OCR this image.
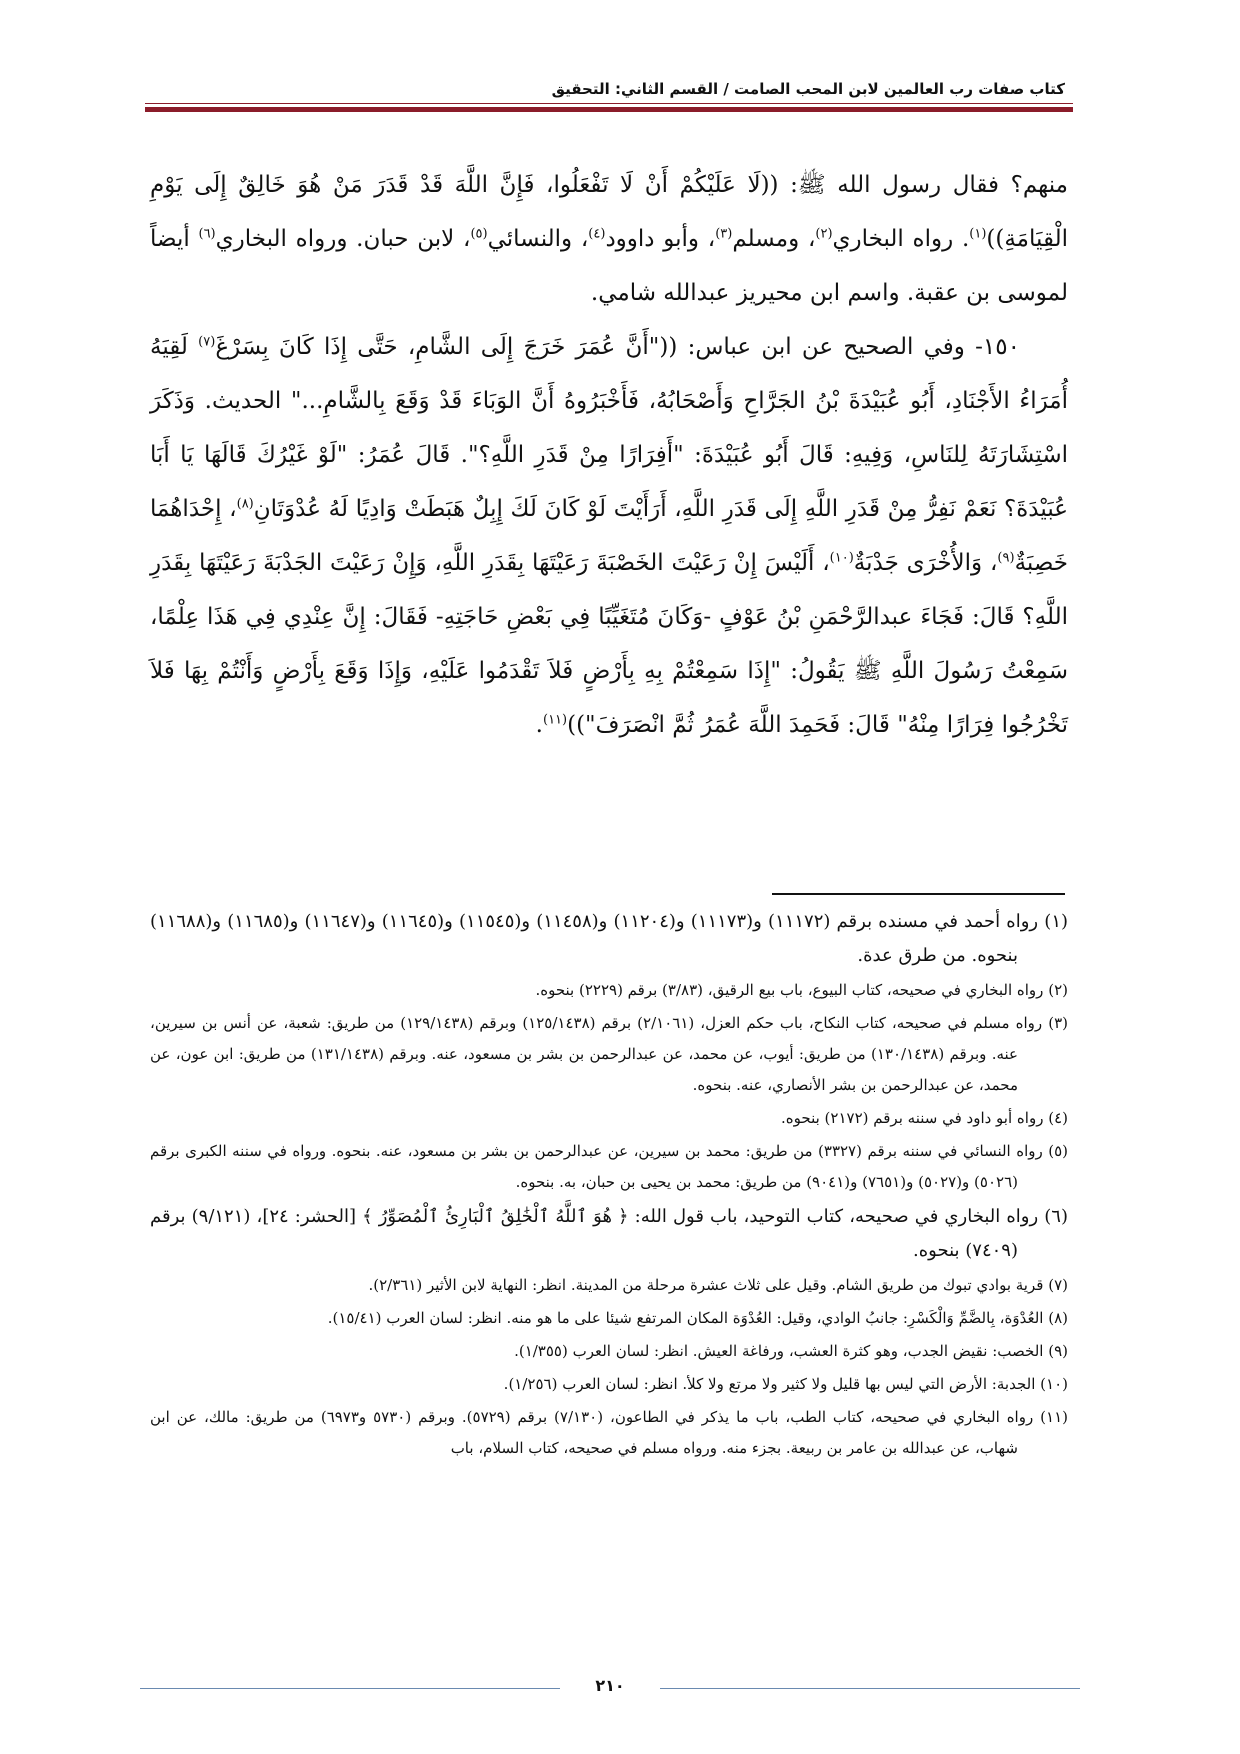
كتاب صفات رب العالمين لابن المحب الصامت / القسم الثاني: التحقيق

منهم؟ فقال رسول الله ﷺ: ((لَا عَلَيْكُمْ أَنْ لَا تَفْعَلُوا، فَإِنَّ اللَّهَ قَدْ قَدَرَ مَنْ هُوَ خَالِقٌ إِلَى يَوْمِ الْقِيَامَةِ))$^{(١)}$. رواه البخاري$^{(٢)}$، ومسلم$^{(٣)}$، وأبو داوود$^{(٤)}$، والنسائي$^{(٥)}$، لابن حبان. ورواه البخاري$^{(٦)}$ أيضاً لموسى بن عقبة. واسم ابن محيريز عبدالله شامي.

١٥٠- وفي الصحيح عن ابن عباس: (("أَنَّ عُمَرَ خَرَجَ إِلَى الشَّامِ، حَتَّى إِذَا كَانَ بِسَرْغَ$^{(٧)}$ لَقِيَهُ أُمَرَاءُ الأَجْنَادِ، أَبُو عُبَيْدَةَ بْنُ الجَرَّاحِ وَأَصْحَابُهُ، فَأَخْبَرُوهُ أَنَّ الوَبَاءَ قَدْ وَقَعَ بِالشَّامِ..." الحديث. وَذَكَرَ اسْتِشَارَتَهُ لِلنَاسِ، وَفِيهِ: قَالَ أَبُو عُبَيْدَةَ: "أَفِرَارًا مِنْ قَدَرِ اللَّهِ؟". قَالَ عُمَرُ: "لَوْ غَيْرُكَ قَالَهَا يَا أَبَا عُبَيْدَةَ؟ نَعَمْ نَفِرُّ مِنْ قَدَرِ اللَّهِ إِلَى قَدَرِ اللَّهِ، أَرَأَيْتَ لَوْ كَانَ لَكَ إِبِلٌ هَبَطَتْ وَادِيًا لَهُ عُدْوَتَانِ$^{(٨)}$، إِحْدَاهُمَا خَصِبَةٌ$^{(٩)}$، وَالأُخْرَى جَدْبَةٌ$^{(١٠)}$، أَلَيْسَ إِنْ رَعَيْتَ الخَصْبَةَ رَعَيْتَهَا بِقَدَرِ اللَّهِ، وَإِنْ رَعَيْتَ الجَدْبَةَ رَعَيْتَهَا بِقَدَرِ اللَّهِ؟ قَالَ: فَجَاءَ عبدالرَّحْمَنِ بْنُ عَوْفٍ -وَكَانَ مُتَغَيِّبًا فِي بَعْضِ حَاجَتِهِ- فَقَالَ: إِنَّ عِنْدِي فِي هَذَا عِلْمًا، سَمِعْتُ رَسُولَ اللَّهِ ﷺ يَقُولُ: "إِذَا سَمِعْتُمْ بِهِ بِأَرْضٍ فَلاَ تَقْدَمُوا عَلَيْهِ، وَإِذَا وَقَعَ بِأَرْضٍ وَأَنْتُمْ بِهَا فَلاَ تَخْرُجُوا فِرَارًا مِنْهُ" قَالَ: فَحَمِدَ اللَّهَ عُمَرُ ثُمَّ انْصَرَفَ"))$^{(١١)}$.

(١) رواه أحمد في مسنده برقم (١١١٧٢) و(١١١٧٣) و(١١٢٠٤) و(١١٤٥٨) و(١١٥٤٥) و(١١٦٤٥) و(١١٦٤٧) و(١١٦٨٥) و(١١٦٨٨) بنحوه. من طرق عدة.

(٢) رواه البخاري في صحيحه، كتاب البيوع، باب بيع الرقيق، (٣/٨٣) برقم (٢٢٢٩) بنحوه.

(٣) رواه مسلم في صحيحه، كتاب النكاح، باب حكم العزل، (٢/١٠٦١) برقم (١٢٥/١٤٣٨) وبرقم (١٢٩/١٤٣٨) من طريق: شعبة، عن أنس بن سيرين، عنه. وبرقم (١٣٠/١٤٣٨) من طريق: أيوب، عن محمد، عن عبدالرحمن بن بشر بن مسعود، عنه. وبرقم (١٣١/١٤٣٨) من طريق: ابن عون، عن محمد، عن عبدالرحمن بن بشر الأنصاري، عنه. بنحوه.

(٤) رواه أبو داود في سننه برقم (٢١٧٢) بنحوه.

(٥) رواه النسائي في سننه برقم (٣٣٢٧) من طريق: محمد بن سيرين، عن عبدالرحمن بن بشر بن مسعود، عنه. بنحوه. ورواه في سننه الكبرى برقم (٥٠٢٦) و(٥٠٢٧) و(٧٦٥١) و(٩٠٤١) من طريق: محمد بن يحيى بن حبان، به. بنحوه.

(٦) رواه البخاري في صحيحه، كتاب التوحيد، باب قول الله: ﴿ هُوَ ٱللَّهُ ٱلْخَٰلِقُ ٱلْبَارِئُ ٱلْمُصَوِّرُ ﴾ [الحشر: ٢٤]، (٩/١٢١) برقم (٧٤٠٩) بنحوه.

(٧) قرية بوادي تبوك من طريق الشام. وقيل على ثلاث عشرة مرحلة من المدينة. انظر: النهاية لابن الأثير (٢/٣٦١).

(٨) العُدْوَة، بِالضَّمِّ وَالْكَسْرِ: جانبُ الوادي، وقيل: العُدْوَة المكان المرتفع شيئا على ما هو منه. انظر: لسان العرب (١٥/٤١).

(٩) الخصب: نقيض الجدب، وهو كثرة العشب، ورفاغة العيش. انظر: لسان العرب (١/٣٥٥).

(١٠) الجدبة: الأرض التي ليس بها قليل ولا كثير ولا مرتع ولا كلأ. انظر: لسان العرب (١/٢٥٦).

(١١) رواه البخاري في صحيحه، كتاب الطب، باب ما يذكر في الطاعون، (٧/١٣٠) برقم (٥٧٢٩). وبرقم (٥٧٣٠ و٦٩٧٣) من طريق: مالك، عن ابن شهاب، عن عبدالله بن عامر بن ربيعة. بجزء منه. ورواه مسلم في صحيحه، كتاب السلام، باب

٢١٠
